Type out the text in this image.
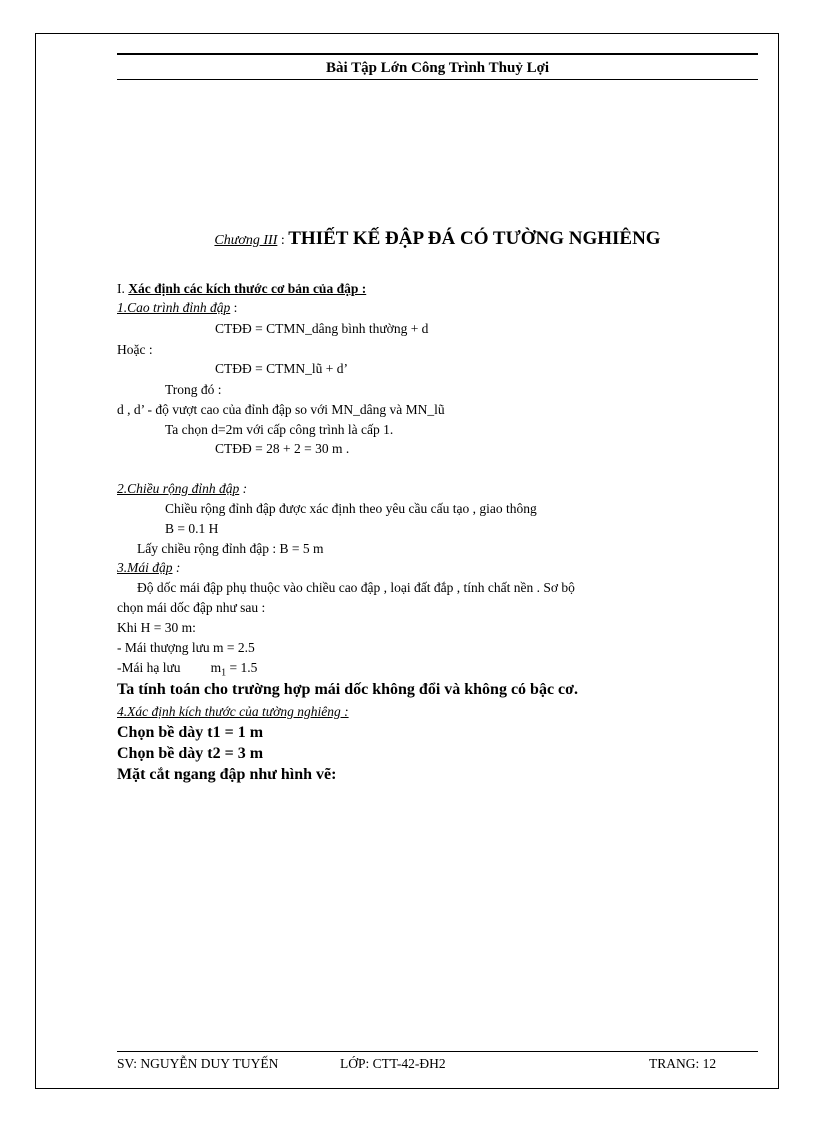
Bài Tập Lớn Công Trình Thuỷ Lợi
Chương III : THIẾT KẾ ĐẬP ĐÁ CÓ TƯỜNG NGHIÊNG
I. Xác định các kích thước cơ bản của đập :
1.Cao trình đỉnh đập :
CTĐĐ = CTMN_dâng bình thường + d
Hoặc :
CTĐĐ = CTMN_lũ + d’
Trong đó :
d , d’ - độ vượt cao của đỉnh đập so với MN_dâng và MN_lũ
Ta chọn d=2m với cấp công trình là cấp 1.
CTĐĐ = 28 + 2 = 30 m .
2.Chiều rộng đỉnh đập :
Chiều rộng đỉnh đập được xác định theo yêu cầu cấu tạo , giao thông
B = 0.1 H
Lấy chiều rộng đỉnh đập : B = 5 m
3.Mái đập :
Độ dốc mái đập phụ thuộc vào chiều cao đập , loại đất đắp , tính chất nền . Sơ bộ
chọn mái dốc đập như sau :
Khi H = 30 m:
- Mái thượng lưu m = 2.5
-Mái hạ lưu $m_1 = 1.5$
Ta tính toán cho trường hợp mái dốc không đổi và không có bậc cơ.
4.Xác định kích thước của tường nghiêng :
Chọn bề dày t1 = 1 m
Chọn bề dày t2 = 3 m
Mặt cắt ngang đập như hình vẽ:
SV: NGUYỄN DUY TUYẾN	LỚP: CTT-42-ĐH2	TRANG: 12
